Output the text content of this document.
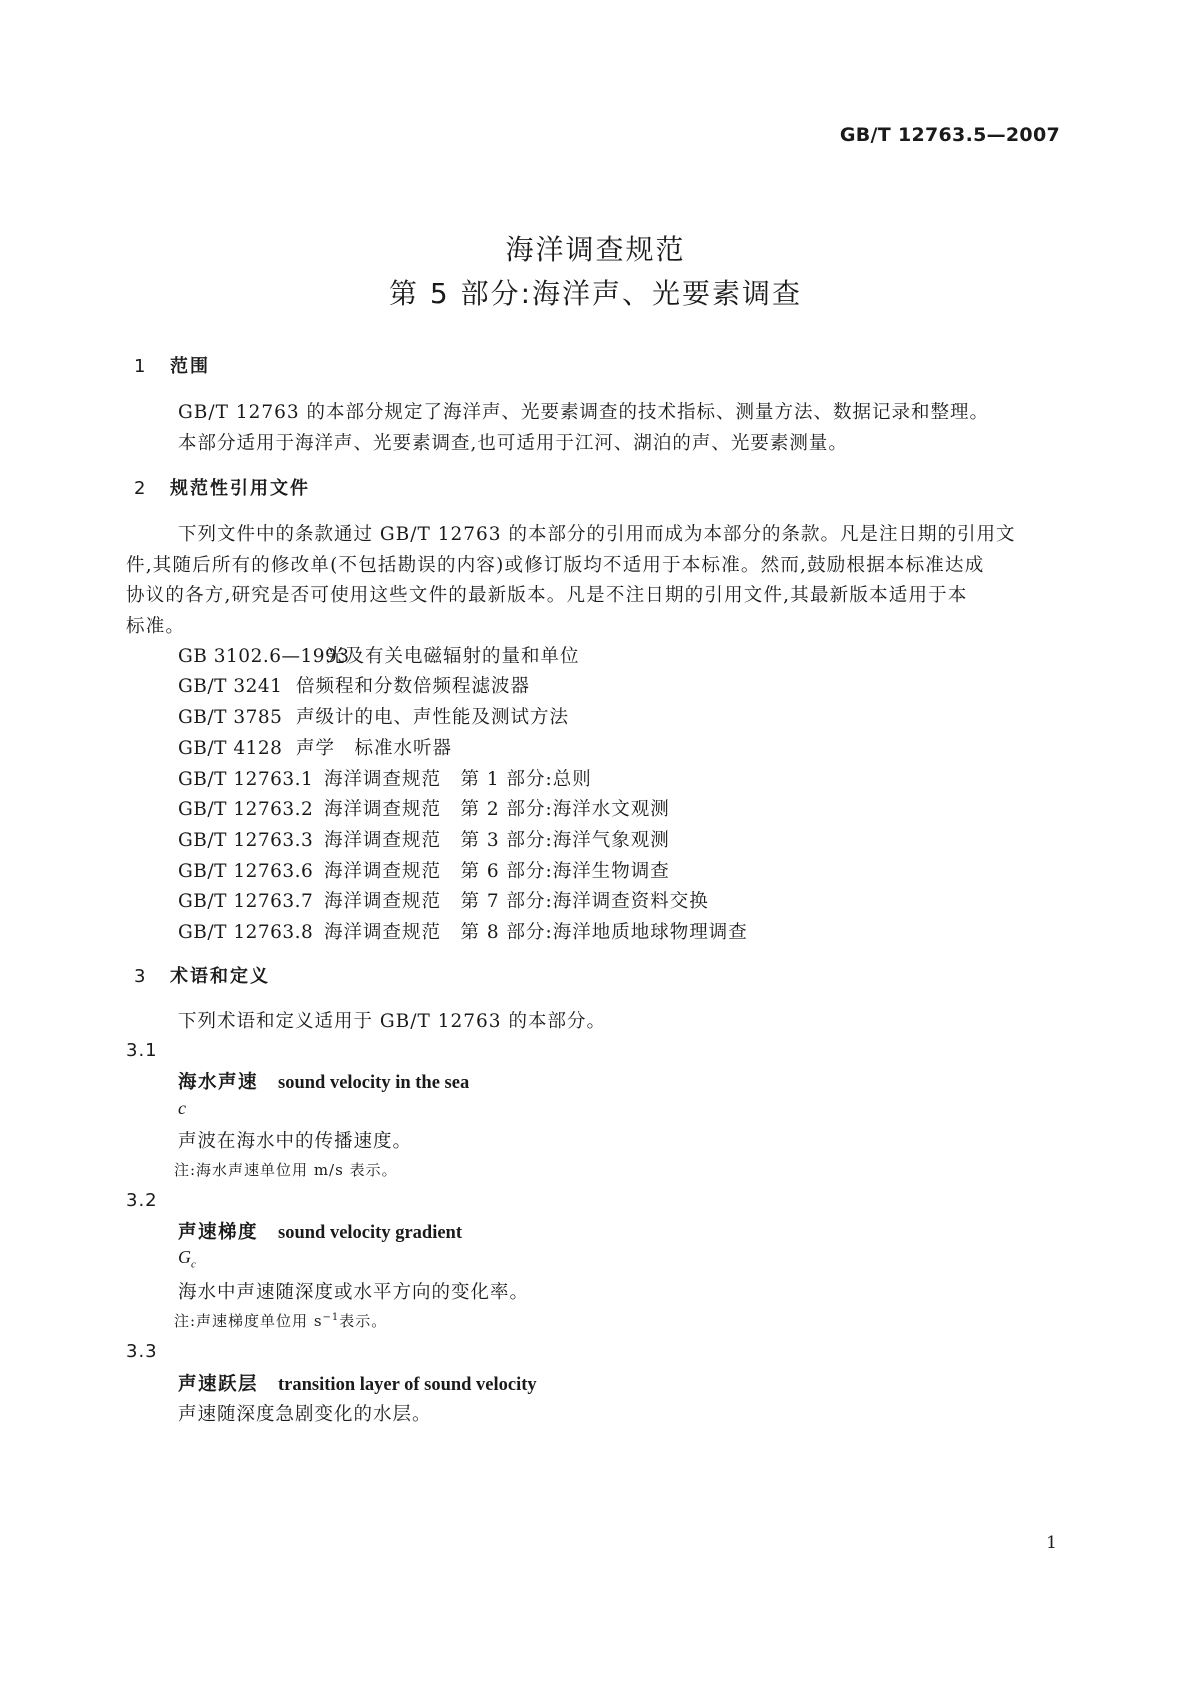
GB/T 12763.5—2007
海洋调查规范
第 5 部分:海洋声、光要素调查
1 范围
GB/T 12763 的本部分规定了海洋声、光要素调查的技术指标、测量方法、数据记录和整理。
本部分适用于海洋声、光要素调查,也可适用于江河、湖泊的声、光要素测量。
2 规范性引用文件
下列文件中的条款通过 GB/T 12763 的本部分的引用而成为本部分的条款。凡是注日期的引用文
件,其随后所有的修改单(不包括勘误的内容)或修订版均不适用于本标准。然而,鼓励根据本标准达成
协议的各方,研究是否可使用这些文件的最新版本。凡是不注日期的引用文件,其最新版本适用于本
标准。
GB 3102.6—1993光及有关电磁辐射的量和单位
GB/T 3241 倍频程和分数倍频程滤波器
GB/T 3785 声级计的电、声性能及测试方法
GB/T 4128 声学　标准水听器
GB/T 12763.1 海洋调查规范　第 1 部分:总则
GB/T 12763.2 海洋调查规范　第 2 部分:海洋水文观测
GB/T 12763.3 海洋调查规范　第 3 部分:海洋气象观测
GB/T 12763.6 海洋调查规范　第 6 部分:海洋生物调查
GB/T 12763.7 海洋调查规范　第 7 部分:海洋调查资料交换
GB/T 12763.8 海洋调查规范　第 8 部分:海洋地质地球物理调查
3 术语和定义
下列术语和定义适用于 GB/T 12763 的本部分。
3.1
海水声速 sound velocity in the sea
c
声波在海水中的传播速度。
注:海水声速单位用 m/s 表示。
3.2
声速梯度 sound velocity gradient
$G_c$
海水中声速随深度或水平方向的变化率。
注:声速梯度单位用 $s^{-1}$表示。
3.3
声速跃层 transition layer of sound velocity
声速随深度急剧变化的水层。
1
